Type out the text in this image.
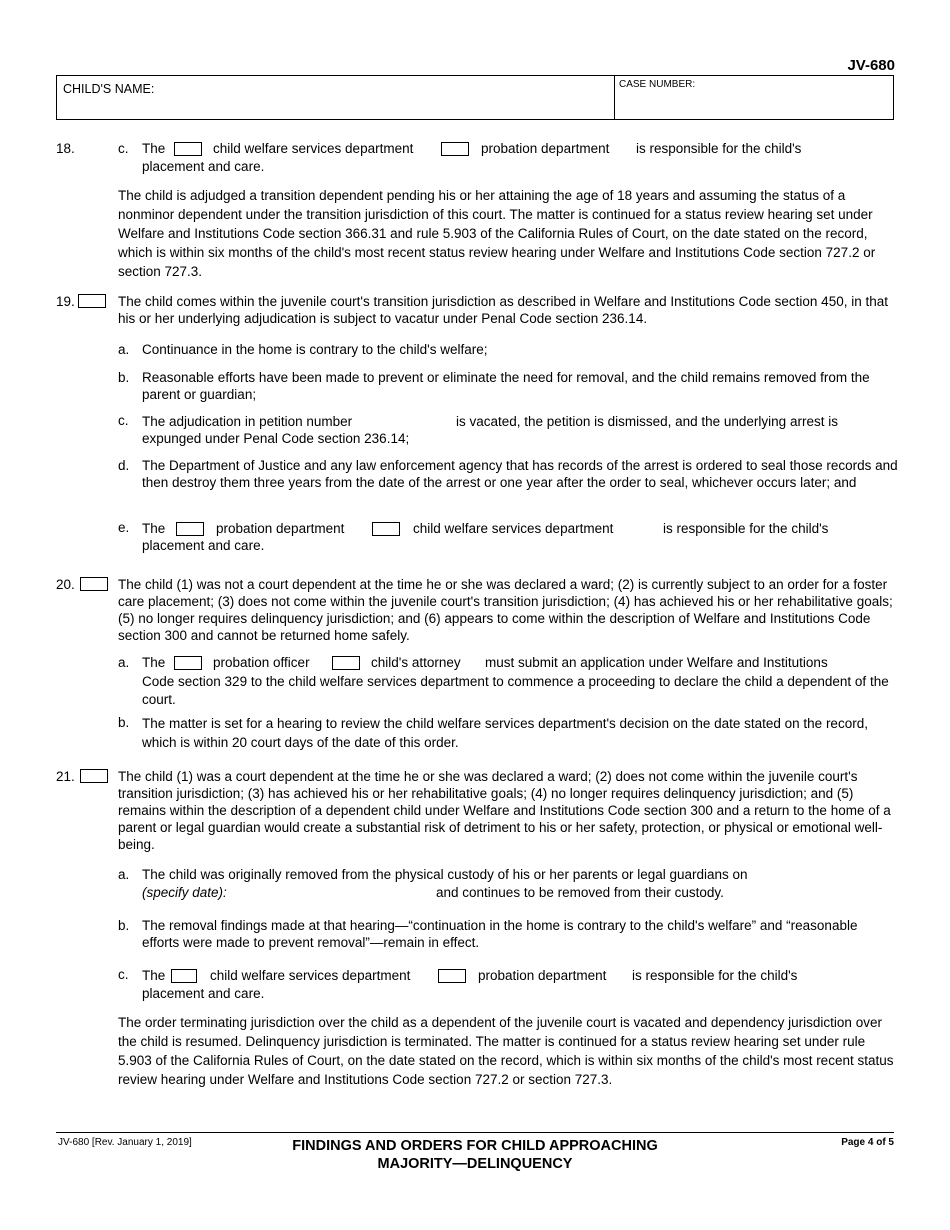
JV-680
CHILD'S NAME:	CASE NUMBER:
18.	c. The	child welfare services department	probation department is responsible for the child's
placement and care.
The child is adjudged a transition dependent pending his or her attaining the age of 18 years and assuming the status of a nonminor dependent under the transition jurisdiction of this court. The matter is continued for a status review hearing set under Welfare and Institutions Code section 366.31 and rule 5.903 of the California Rules of Court, on the date stated on the record, which is within six months of the child's most recent status review hearing under Welfare and Institutions Code section 727.2 or section 727.3.
19.	The child comes within the juvenile court's transition jurisdiction as described in Welfare and Institutions Code section 450, in that his or her underlying adjudication is subject to vacatur under Penal Code section 236.14.
a. Continuance in the home is contrary to the child's welfare;
b. Reasonable efforts have been made to prevent or eliminate the need for removal, and the child remains removed from the parent or guardian;
c. The adjudication in petition number	is vacated, the petition is dismissed, and the underlying arrest is
expunged under Penal Code section 236.14;
d. The Department of Justice and any law enforcement agency that has records of the arrest is ordered to seal those records and then destroy them three years from the date of the arrest or one year after the order to seal, whichever occurs later; and
e. The	probation department	child welfare services department	is responsible for the child's
placement and care.
20.	The child (1) was not a court dependent at the time he or she was declared a ward; (2) is currently subject to an order for a foster care placement; (3) does not come within the juvenile court's transition jurisdiction; (4) has achieved his or her rehabilitative goals; (5) no longer requires delinquency jurisdiction; and (6) appears to come within the description of Welfare and Institutions Code section 300 and cannot be returned home safely.
a. The	probation officer	child's attorney must submit an application under Welfare and Institutions
Code section 329 to the child welfare services department to commence a proceeding to declare the child a dependent of the court.
b. The matter is set for a hearing to review the child welfare services department's decision on the date stated on the record, which is within 20 court days of the date of this order.
21.	The child (1) was a court dependent at the time he or she was declared a ward; (2) does not come within the juvenile court's transition jurisdiction; (3) has achieved his or her rehabilitative goals; (4) no longer requires delinquency jurisdiction; and (5) remains within the description of a dependent child under Welfare and Institutions Code section 300 and a return to the home of a parent or legal guardian would create a substantial risk of detriment to his or her safety, protection, or physical or emotional well-being.
a. The child was originally removed from the physical custody of his or her parents or legal guardians on
(specify date):	and continues to be removed from their custody.
b. The removal findings made at that hearing—“continuation in the home is contrary to the child's welfare” and “reasonable efforts were made to prevent removal”—remain in effect.
c. The	child welfare services department	probation department is responsible for the child's
placement and care.
The order terminating jurisdiction over the child as a dependent of the juvenile court is vacated and dependency jurisdiction over the child is resumed. Delinquency jurisdiction is terminated. The matter is continued for a status review hearing set under rule 5.903 of the California Rules of Court, on the date stated on the record, which is within six months of the child's most recent status review hearing under Welfare and Institutions Code section 727.2 or section 727.3.
JV-680 [Rev. January 1, 2019]	FINDINGS AND ORDERS FOR CHILD APPROACHING
MAJORITY—DELINQUENCY
Page 4 of 5
